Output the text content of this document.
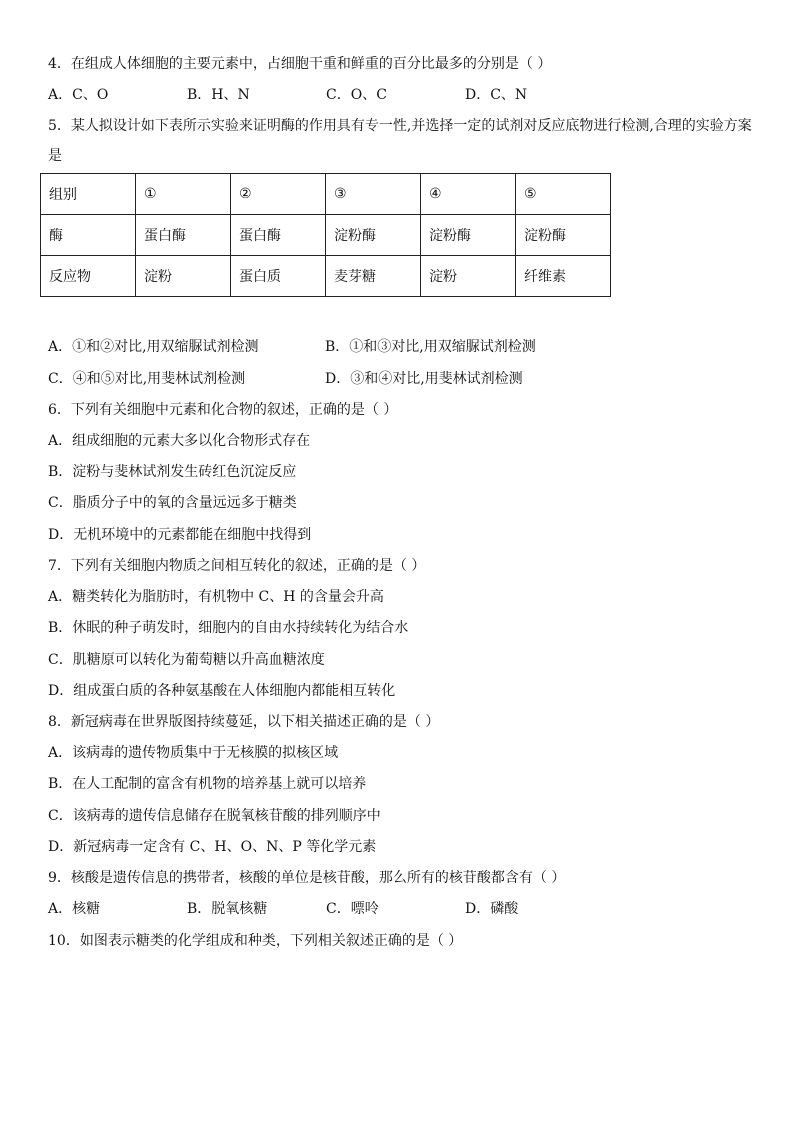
4．在组成人体细胞的主要元素中，占细胞干重和鲜重的百分比最多的分别是（ ）
A．C、O	B．H、N	C．O、C	D．C、N
5．某人拟设计如下表所示实验来证明酶的作用具有专一性,并选择一定的试剂对反应底物进行检测,合理的实验方案
是
组别	①	②	③	④	⑤
酶	蛋白酶	蛋白酶	淀粉酶	淀粉酶	淀粉酶
反应物	淀粉	蛋白质	麦芽糖	淀粉	纤维素
A．①和②对比,用双缩脲试剂检测	B．①和③对比,用双缩脲试剂检测
C．④和⑤对比,用斐林试剂检测	D．③和④对比,用斐林试剂检测
6．下列有关细胞中元素和化合物的叙述，正确的是（ ）
A．组成细胞的元素大多以化合物形式存在
B．淀粉与斐林试剂发生砖红色沉淀反应
C．脂质分子中的氧的含量远远多于糖类
D．无机环境中的元素都能在细胞中找得到
7．下列有关细胞内物质之间相互转化的叙述，正确的是（ ）
A．糖类转化为脂肪时，有机物中 C、H 的含量会升高
B．休眠的种子萌发时，细胞内的自由水持续转化为结合水
C．肌糖原可以转化为葡萄糖以升高血糖浓度
D．组成蛋白质的各种氨基酸在人体细胞内都能相互转化
8．新冠病毒在世界版图持续蔓延，以下相关描述正确的是（ ）
A．该病毒的遗传物质集中于无核膜的拟核区域
B．在人工配制的富含有机物的培养基上就可以培养
C．该病毒的遗传信息储存在脱氧核苷酸的排列顺序中
D．新冠病毒一定含有 C、H、O、N、P 等化学元素
9．核酸是遗传信息的携带者，核酸的单位是核苷酸，那么所有的核苷酸都含有（ ）
A．核糖	B．脱氧核糖	C．嘌呤	D．磷酸
10．如图表示糖类的化学组成和种类，下列相关叙述正确的是（ ）
